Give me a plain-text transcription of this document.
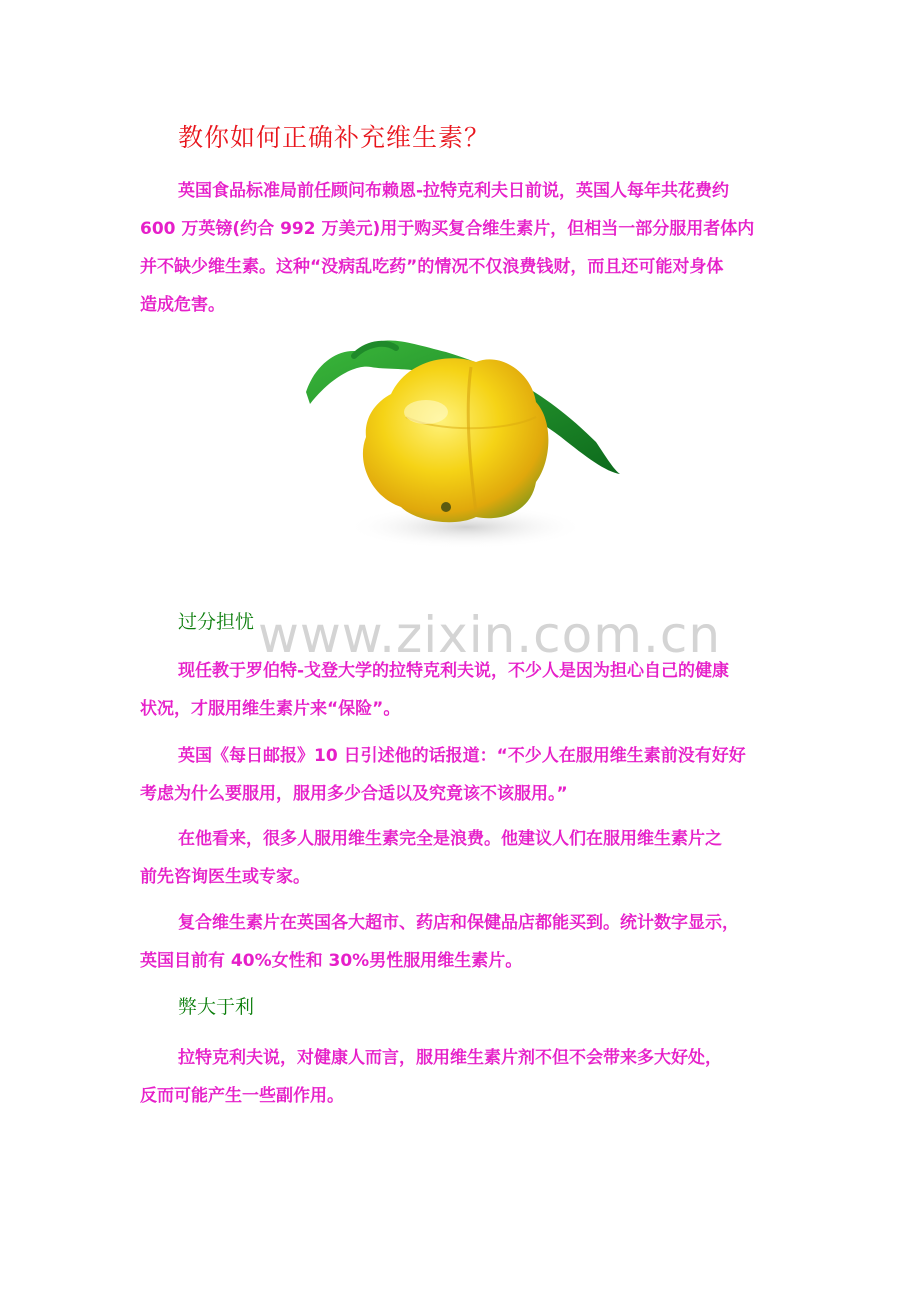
教你如何正确补充维生素？
英国食品标准局前任顾问布赖恩-拉特克利夫日前说，英国人每年共花费约
600 万英镑(约合 992 万美元)用于购买复合维生素片，但相当一部分服用者体内
并不缺少维生素。这种“没病乱吃药”的情况不仅浪费钱财，而且还可能对身体
造成危害。
过分担忧 www.zixin.com.cn
现任教于罗伯特-戈登大学的拉特克利夫说，不少人是因为担心自己的健康
状况，才服用维生素片来“保险”。
英国《每日邮报》10 日引述他的话报道：“不少人在服用维生素前没有好好
考虑为什么要服用，服用多少合适以及究竟该不该服用。”
在他看来，很多人服用维生素完全是浪费。他建议人们在服用维生素片之
前先咨询医生或专家。
复合维生素片在英国各大超市、药店和保健品店都能买到。统计数字显示，
英国目前有 40%女性和 30%男性服用维生素片。
弊大于利
拉特克利夫说，对健康人而言，服用维生素片剂不但不会带来多大好处，
反而可能产生一些副作用。
